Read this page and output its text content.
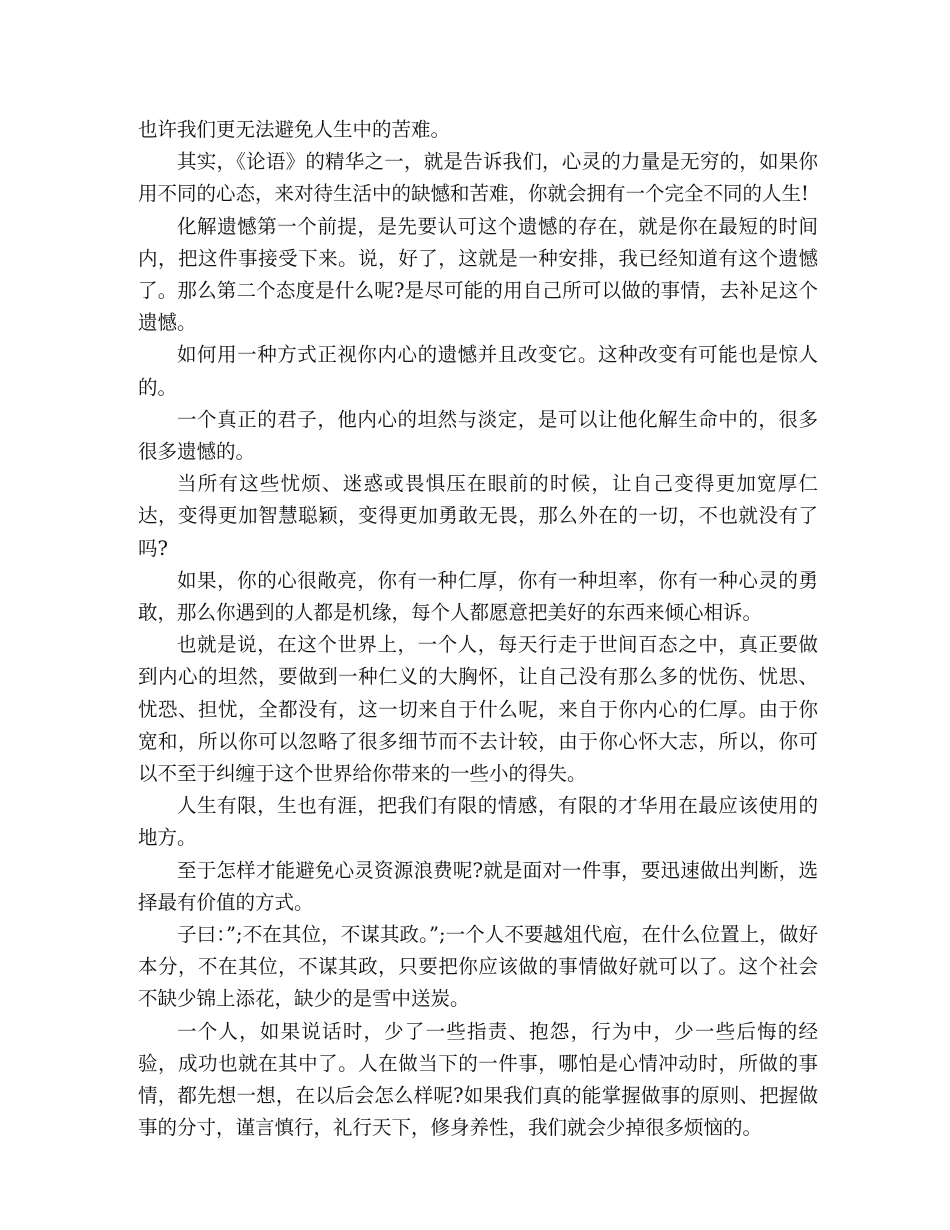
也许我们更无法避免人生中的苦难。

其实，《论语》的精华之一，就是告诉我们，心灵的力量是无穷的，如果你用不同的心态，来对待生活中的缺憾和苦难，你就会拥有一个完全不同的人生!

化解遗憾第一个前提，是先要认可这个遗憾的存在，就是你在最短的时间内，把这件事接受下来。说，好了，这就是一种安排，我已经知道有这个遗憾了。那么第二个态度是什么呢?是尽可能的用自己所可以做的事情，去补足这个遗憾。

如何用一种方式正视你内心的遗憾并且改变它。这种改变有可能也是惊人的。

一个真正的君子，他内心的坦然与淡定，是可以让他化解生命中的，很多很多遗憾的。

当所有这些忧烦、迷惑或畏惧压在眼前的时候，让自己变得更加宽厚仁达，变得更加智慧聪颖，变得更加勇敢无畏，那么外在的一切，不也就没有了吗?

如果，你的心很敞亮，你有一种仁厚，你有一种坦率，你有一种心灵的勇敢，那么你遇到的人都是机缘，每个人都愿意把美好的东西来倾心相诉。

也就是说，在这个世界上，一个人，每天行走于世间百态之中，真正要做到内心的坦然，要做到一种仁义的大胸怀，让自己没有那么多的忧伤、忧思、忧恐、担忧，全都没有，这一切来自于什么呢，来自于你内心的仁厚。由于你宽和，所以你可以忽略了很多细节而不去计较，由于你心怀大志，所以，你可以不至于纠缠于这个世界给你带来的一些小的得失。

人生有限，生也有涯，把我们有限的情感，有限的才华用在最应该使用的地方。

至于怎样才能避免心灵资源浪费呢?就是面对一件事，要迅速做出判断，选择最有价值的方式。

子曰：”;不在其位，不谋其政。”;一个人不要越俎代庖，在什么位置上，做好本分，不在其位，不谋其政，只要把你应该做的事情做好就可以了。这个社会不缺少锦上添花，缺少的是雪中送炭。

一个人，如果说话时，少了一些指责、抱怨，行为中，少一些后悔的经验，成功也就在其中了。人在做当下的一件事，哪怕是心情冲动时，所做的事情，都先想一想，在以后会怎么样呢?如果我们真的能掌握做事的原则、把握做事的分寸，谨言慎行，礼行天下，修身养性，我们就会少掉很多烦恼的。
